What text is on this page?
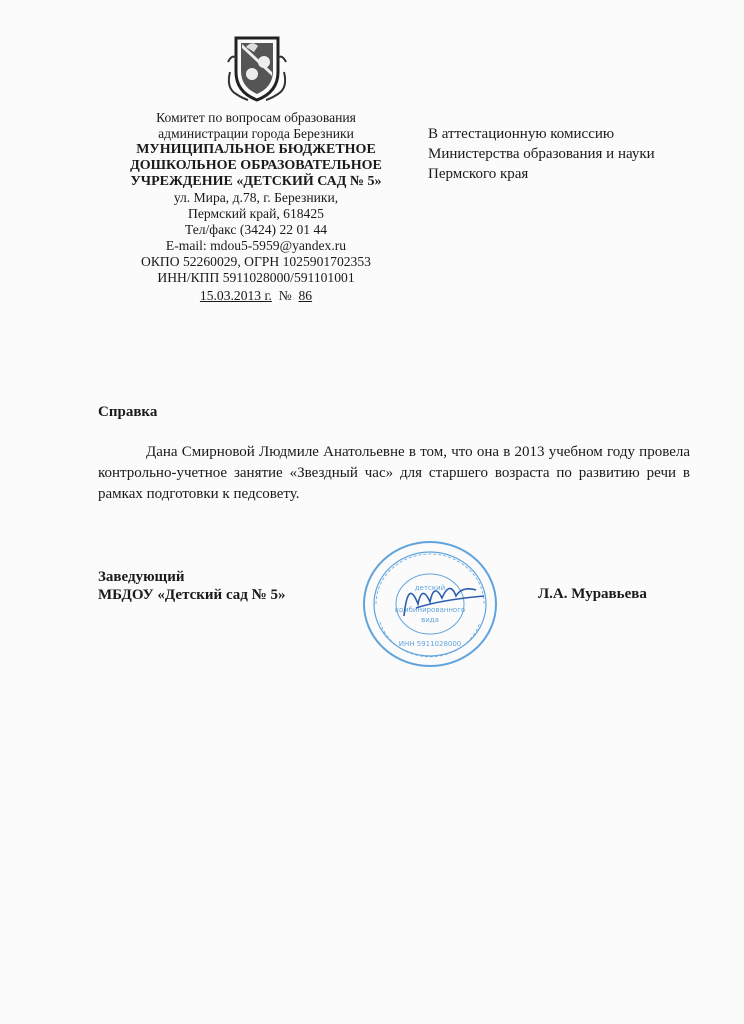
Комитет по вопросам образования
администрации города Березники
МУНИЦИПАЛЬНОЕ БЮДЖЕТНОЕ
ДОШКОЛЬНОЕ ОБРАЗОВАТЕЛЬНОЕ
УЧРЕЖДЕНИЕ «ДЕТСКИЙ САД № 5»
ул. Мира, д.78, г. Березники,
Пермский край, 618425
Тел/факс (3424) 22 01 44
E-mail: mdou5-5959@yandex.ru
ОКПО 52260029, ОГРН 1025901702353
ИНН/КПП 5911028000/591101001
15.03.2013 г. № 86
В аттестационную комиссию
Министерства образования и науки
Пермского края
Справка
Дана Смирновой Людмиле Анатольевне в том, что она в 2013 учебном году провела контрольно-учетное занятие «Звездный час» для старшего возраста по развитию речи в рамках подготовки к педсовету.
Заведующий
МБДОУ «Детский сад № 5»	Л.А. Муравьева
детский
комбинированного
вида
ИНН 5911028000
